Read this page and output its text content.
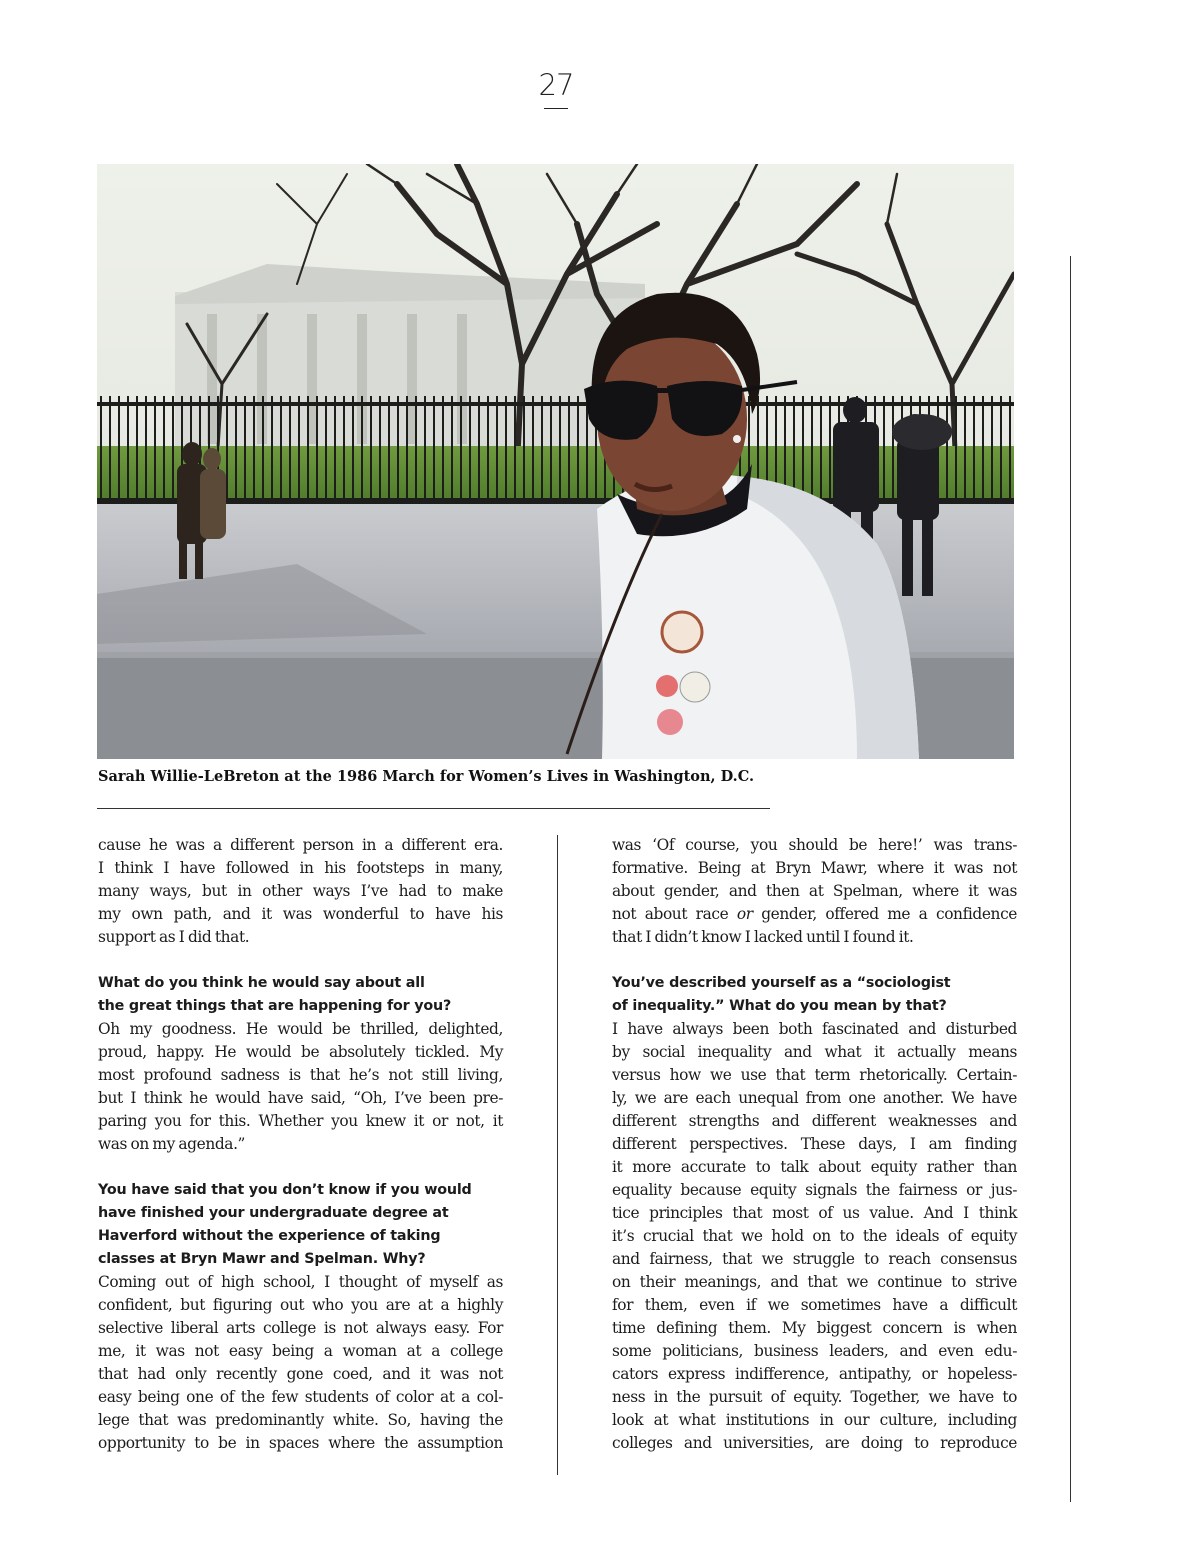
27
Sarah Willie-LeBreton at the 1986 March for Women’s Lives in Washington, D.C.

cause he was a different person in a different era.
I think I have followed in his footsteps in many,
many ways, but in other ways I’ve had to make
my own path, and it was wonderful to have his
support as I did that.

What do you think he would say about all
the great things that are happening for you?

Oh my goodness. He would be thrilled, delighted,
proud, happy. He would be absolutely tickled. My
most profound sadness is that he’s not still living,
but I think he would have said, “Oh, I’ve been pre-
paring you for this. Whether you knew it or not, it
was on my agenda.”

You have said that you don’t know if you would
have finished your undergraduate degree at
Haverford without the experience of taking
classes at Bryn Mawr and Spelman. Why?

Coming out of high school, I thought of myself as
confident, but figuring out who you are at a highly
selective liberal arts college is not always easy. For
me, it was not easy being a woman at a college
that had only recently gone coed, and it was not
easy being one of the few students of color at a col-
lege that was predominantly white. So, having the
opportunity to be in spaces where the assumption

was ‘Of course, you should be here!’ was trans-
formative. Being at Bryn Mawr, where it was not
about gender, and then at Spelman, where it was
not about race or gender, offered me a confidence
that I didn’t know I lacked until I found it.

You’ve described yourself as a “sociologist
of inequality.” What do you mean by that?

I have always been both fascinated and disturbed
by social inequality and what it actually means
versus how we use that term rhetorically. Certain-
ly, we are each unequal from one another. We have
different strengths and different weaknesses and
different perspectives. These days, I am finding
it more accurate to talk about equity rather than
equality because equity signals the fairness or jus-
tice principles that most of us value. And I think
it’s crucial that we hold on to the ideals of equity
and fairness, that we struggle to reach consensus
on their meanings, and that we continue to strive
for them, even if we sometimes have a difficult
time defining them. My biggest concern is when
some politicians, business leaders, and even edu-
cators express indifference, antipathy, or hopeless-
ness in the pursuit of equity. Together, we have to
look at what institutions in our culture, including
colleges and universities, are doing to reproduce
